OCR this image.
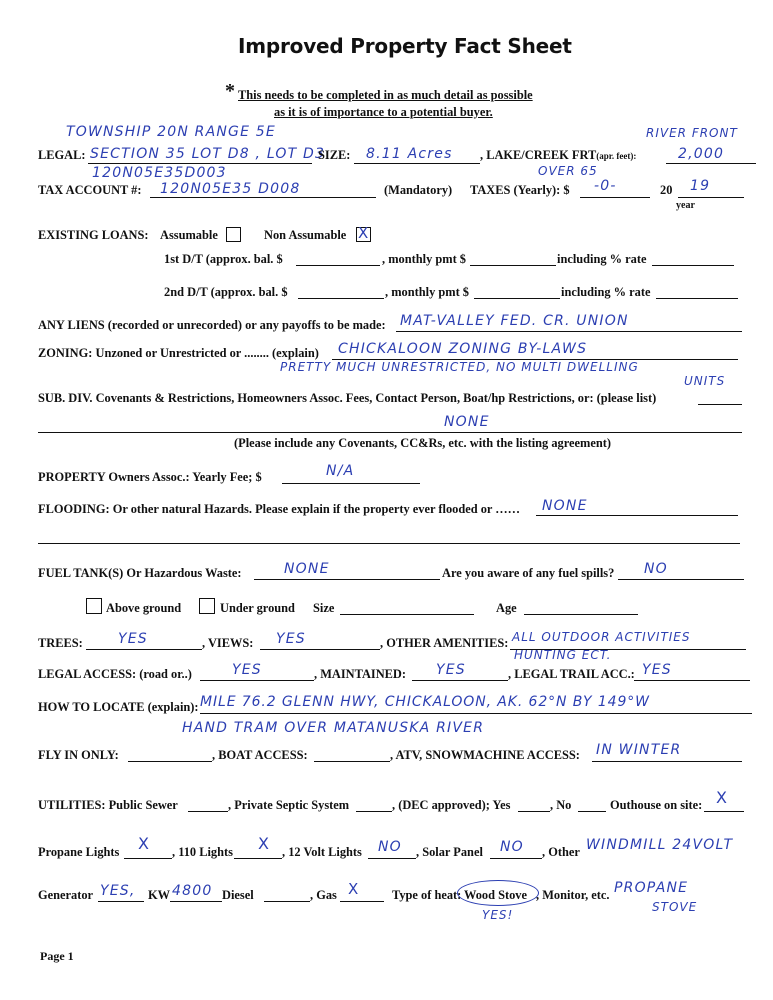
Improved Property Fact Sheet
* This needs to be completed in as much detail as possible
as it is of importance to a potential buyer.
TOWNSHIP 20N RANGE 5E	RIVER FRONT
LEGAL: SECTION 35 LOT D8 , LOT D3
SIZE: 8.11 Acres , LAKE/CREEK FRT(apr. feet):	2,000
120N05E35D003	OVER 65
TAX ACCOUNT #: 120N05E35 D008	(Mandatory) TAXES (Yearly): $ -0-	20 19
year
EXISTING LOANS: Assumable	Non Assumable X
1st D/T (approx. bal. $	, monthly pmt $	including % rate
2nd D/T (approx. bal. $	, monthly pmt $	including % rate
ANY LIENS (recorded or unrecorded) or any payoffs to be made: MAT-VALLEY FED. CR. UNION
ZONING: Unzoned or Unrestricted or ........ (explain) CHICKALOON ZONING BY-LAWS
PRETTY MUCH UNRESTRICTED, NO MULTI DWELLING
UNITS
SUB. DIV. Covenants & Restrictions, Homeowners Assoc. Fees, Contact Person, Boat/hp Restrictions, or: (please list)
NONE
(Please include any Covenants, CC&Rs, etc. with the listing agreement)
PROPERTY Owners Assoc.: Yearly Fee; $	N/A
FLOODING: Or other natural Hazards. Please explain if the property ever flooded or …… NONE
FUEL TANK(S) Or Hazardous Waste:	NONE	Are you aware of any fuel spills? NO
Above ground	Under ground Size	Age
TREES:	YES	, VIEWS: YES	, OTHER AMENITIES: ALL OUTDOOR ACTIVITIES
HUNTING ECT.
LEGAL ACCESS: (road or..)	YES	, MAINTAINED: YES	, LEGAL TRAIL ACC.: YES
HOW TO LOCATE (explain): MILE 76.2 GLENN HWY, CHICKALOON, AK. 62°N BY 149°W
HAND TRAM OVER MATANUSKA RIVER
FLY IN ONLY:	, BOAT ACCESS:	, ATV, SNOWMACHINE ACCESS: IN WINTER
UTILITIES: Public Sewer	, Private Septic System	, (DEC approved); Yes	, No	Outhouse on site: X
Propane Lights X , 110 Lights X , 12 Volt Lights NO , Solar Panel NO , Other WINDMILL 24VOLT
Generator YES, KW 4800 Diesel	, Gas X	Type of heat: Wood Stove , Monitor, etc. PROPANE
STOVE
YES!
Page 1
